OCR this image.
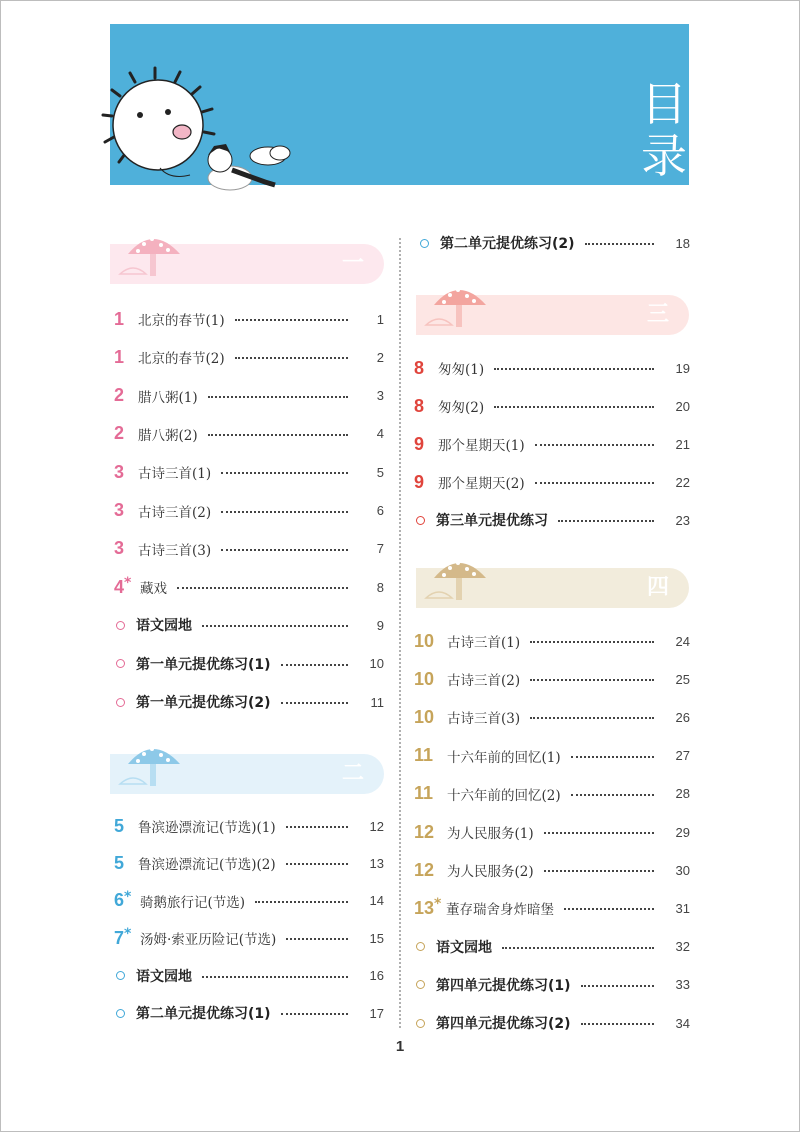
目
录
一
1 北京的春节(1)	1
1 北京的春节(2)	2
2 腊八粥(1)	3
2 腊八粥(2)	4
3 古诗三首(1)	5
3 古诗三首(2)	6
3 古诗三首(3)	7
4 * 藏戏	8
语文园地	9
第一单元提优练习(1)	10
第一单元提优练习(2)	11
二
5 鲁滨逊漂流记(节选)(1)	12
5 鲁滨逊漂流记(节选)(2)	13
6 * 骑鹅旅行记(节选)	14
7 * 汤姆·索亚历险记(节选)	15
语文园地	16
第二单元提优练习(1)	17
第二单元提优练习(2)	18
三
8 匆匆(1)	19
8 匆匆(2)	20
9 那个星期天(1)	21
9 那个星期天(2)	22
第三单元提优练习	23
四
10 古诗三首(1)	24
10 古诗三首(2)	25
10 古诗三首(3)	26
11 十六年前的回忆(1)	27
11 十六年前的回忆(2)	28
12 为人民服务(1)	29
12 为人民服务(2)	30
13 * 董存瑞舍身炸暗堡	31
语文园地	32
第四单元提优练习(1)	33
第四单元提优练习(2)	34
1
